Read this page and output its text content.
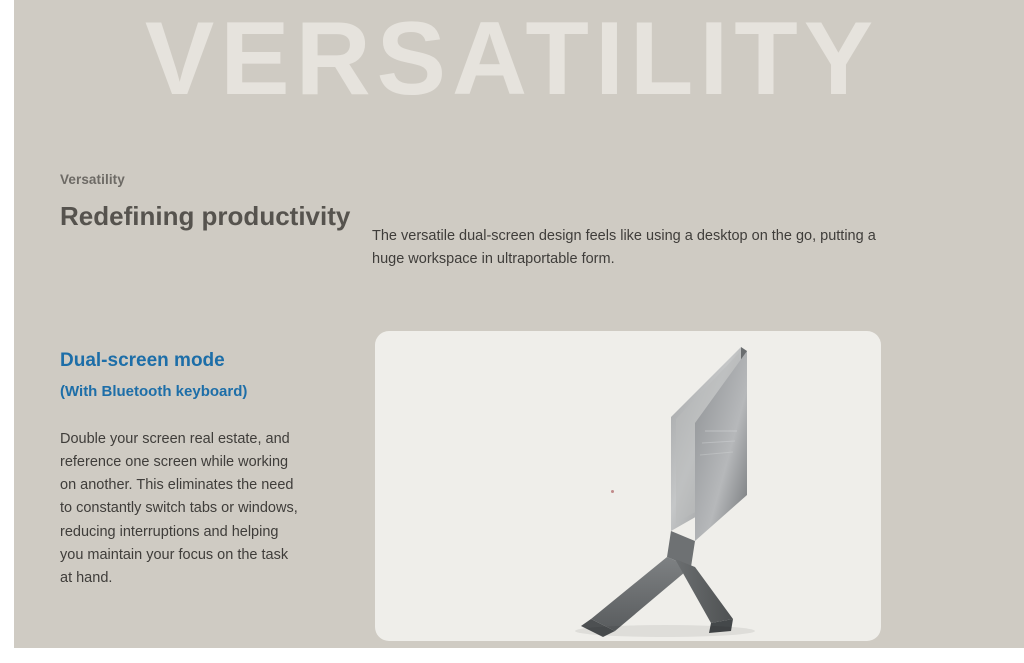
VERSATILITY

Versatility

Redefining productivity

The versatile dual-screen design feels like using a desktop on the go, putting a huge workspace in ultraportable form.

Dual-screen mode

(With Bluetooth keyboard)

Double your screen real estate, and reference one screen while working on another. This eliminates the need to constantly switch tabs or windows, reducing interruptions and helping you maintain your focus on the task at hand.
